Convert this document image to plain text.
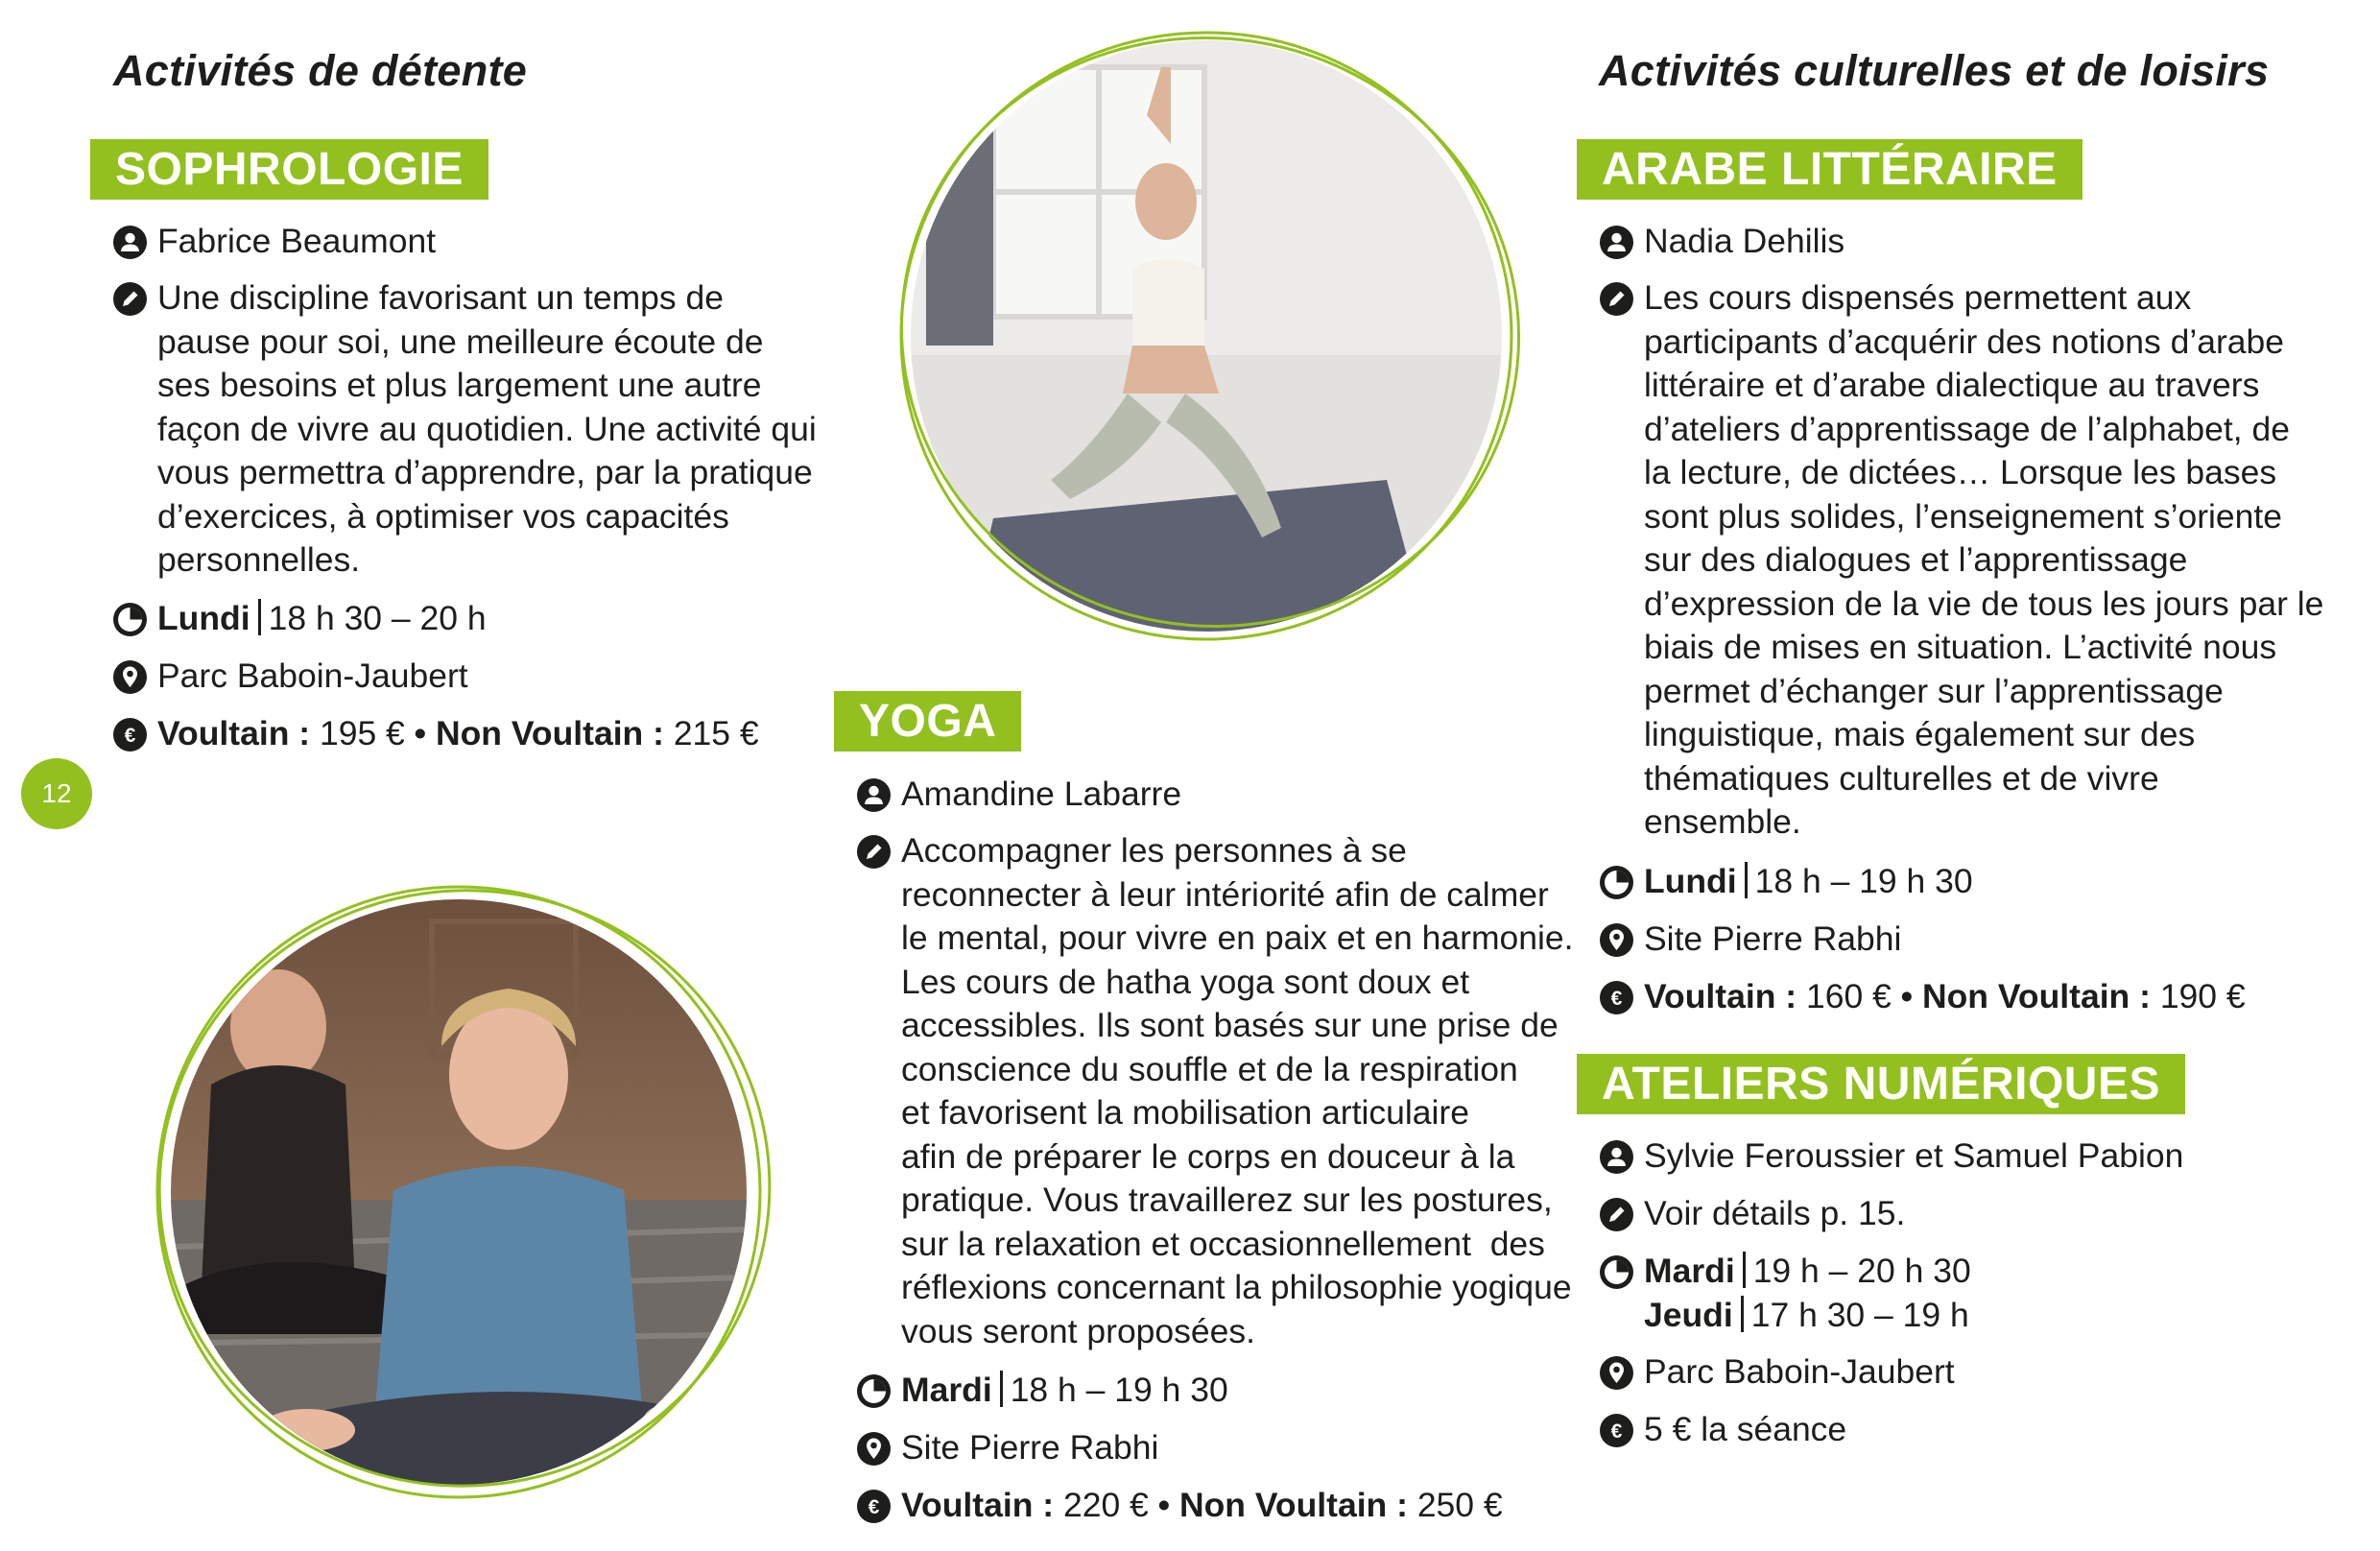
Activités de détente	Activités culturelles et de loisirs
12
SOPHROLOGIE
Fabrice Beaumont
Une discipline favorisant un temps de
pause pour soi, une meilleure écoute de
ses besoins et plus largement une autre
façon de vivre au quotidien. Une activité qui
vous permettra d’apprendre, par la pratique
d’exercices, à optimiser vos capacités
personnelles.
Lundi 18 h 30 – 20 h
Parc Baboin-Jaubert
€ Voultain : 195 € • Non Voultain : 215 €	YOGA
Amandine Labarre
Accompagner les personnes à se
reconnecter à leur intériorité afin de calmer
le mental, pour vivre en paix et en harmonie.
Les cours de hatha yoga sont doux et
accessibles. Ils sont basés sur une prise de
conscience du souffle et de la respiration
et favorisent la mobilisation articulaire
afin de préparer le corps en douceur à la
pratique. Vous travaillerez sur les postures,
sur la relaxation et occasionnellement  des
réflexions concernant la philosophie yogique
vous seront proposées.
Mardi 18 h – 19 h 30
Site Pierre Rabhi
€ Voultain : 220 € • Non Voultain : 250 €
ARABE LITTÉRAIRE
Nadia Dehilis
Les cours dispensés permettent aux
participants d’acquérir des notions d’arabe
littéraire et d’arabe dialectique au travers
d’ateliers d’apprentissage de l’alphabet, de
la lecture, de dictées… Lorsque les bases
sont plus solides, l’enseignement s’oriente
sur des dialogues et l’apprentissage
d’expression de la vie de tous les jours par le
biais de mises en situation. L’activité nous
permet d’échanger sur l’apprentissage
linguistique, mais également sur des
thématiques culturelles et de vivre
ensemble.
Lundi 18 h – 19 h 30
Site Pierre Rabhi
€ Voultain : 160 € • Non Voultain : 190 €
ATELIERS NUMÉRIQUES
Sylvie Feroussier et Samuel Pabion
Voir détails p. 15.
Mardi 19 h – 20 h 30
Jeudi 17 h 30 – 19 h
Parc Baboin-Jaubert
€ 5 € la séance
